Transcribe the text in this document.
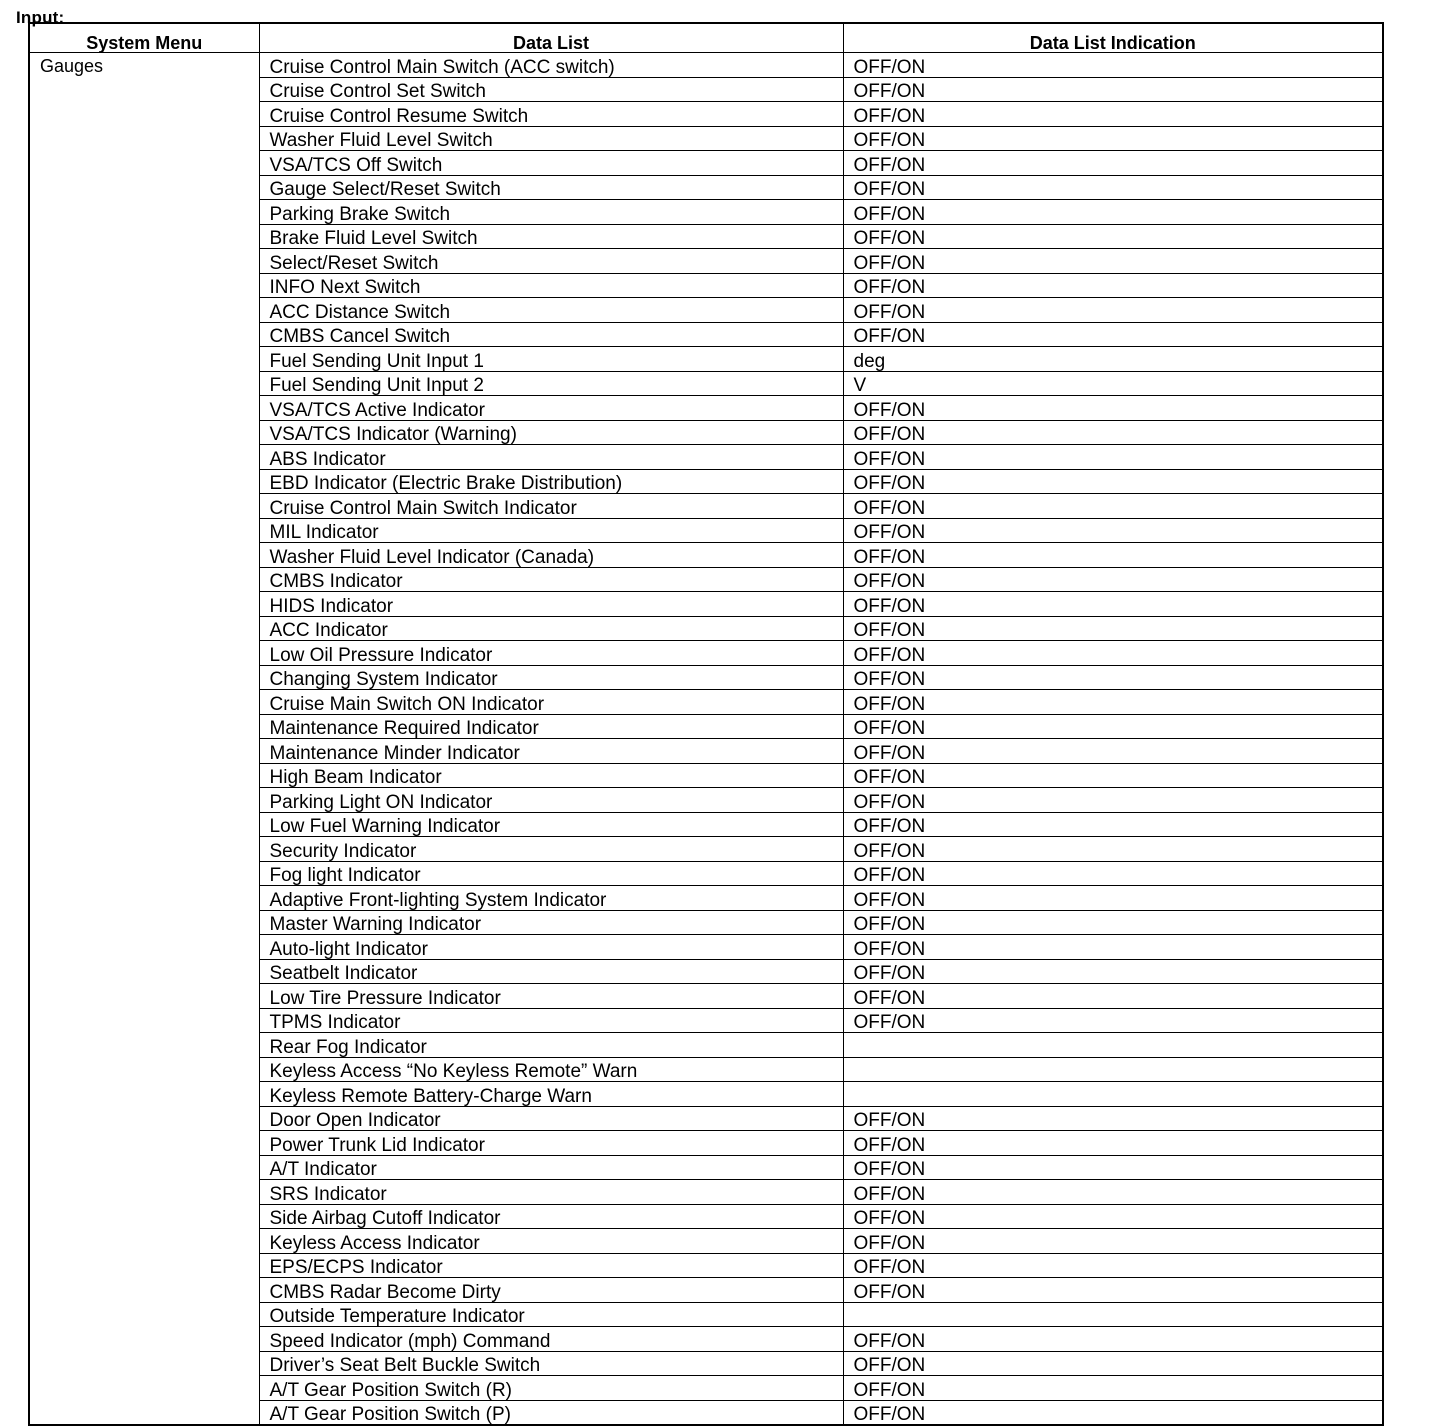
Input:
System Menu	Data List	Data List Indication
Gauges	Cruise Control Main Switch (ACC switch)	OFF/ON
	Cruise Control Set Switch	OFF/ON
	Cruise Control Resume Switch	OFF/ON
	Washer Fluid Level Switch	OFF/ON
	VSA/TCS Off Switch	OFF/ON
	Gauge Select/Reset Switch	OFF/ON
	Parking Brake Switch	OFF/ON
	Brake Fluid Level Switch	OFF/ON
	Select/Reset Switch	OFF/ON
	INFO Next Switch	OFF/ON
	ACC Distance Switch	OFF/ON
	CMBS Cancel Switch	OFF/ON
	Fuel Sending Unit Input 1	deg
	Fuel Sending Unit Input 2	V
	VSA/TCS Active Indicator	OFF/ON
	VSA/TCS Indicator (Warning)	OFF/ON
	ABS Indicator	OFF/ON
	EBD Indicator (Electric Brake Distribution)	OFF/ON
	Cruise Control Main Switch Indicator	OFF/ON
	MIL Indicator	OFF/ON
	Washer Fluid Level Indicator (Canada)	OFF/ON
	CMBS Indicator	OFF/ON
	HIDS Indicator	OFF/ON
	ACC Indicator	OFF/ON
	Low Oil Pressure Indicator	OFF/ON
	Changing System Indicator	OFF/ON
	Cruise Main Switch ON Indicator	OFF/ON
	Maintenance Required Indicator	OFF/ON
	Maintenance Minder Indicator	OFF/ON
	High Beam Indicator	OFF/ON
	Parking Light ON Indicator	OFF/ON
	Low Fuel Warning Indicator	OFF/ON
	Security Indicator	OFF/ON
	Fog light Indicator	OFF/ON
	Adaptive Front-lighting System Indicator	OFF/ON
	Master Warning Indicator	OFF/ON
	Auto-light Indicator	OFF/ON
	Seatbelt Indicator	OFF/ON
	Low Tire Pressure Indicator	OFF/ON
	TPMS Indicator	OFF/ON
	Rear Fog Indicator	
	Keyless Access “No Keyless Remote” Warn	
	Keyless Remote Battery-Charge Warn	
	Door Open Indicator	OFF/ON
	Power Trunk Lid Indicator	OFF/ON
	A/T Indicator	OFF/ON
	SRS Indicator	OFF/ON
	Side Airbag Cutoff Indicator	OFF/ON
	Keyless Access Indicator	OFF/ON
	EPS/ECPS Indicator	OFF/ON
	CMBS Radar Become Dirty	OFF/ON
	Outside Temperature Indicator	
	Speed Indicator (mph) Command	OFF/ON
	Driver’s Seat Belt Buckle Switch	OFF/ON
	A/T Gear Position Switch (R)	OFF/ON
	A/T Gear Position Switch (P)	OFF/ON
